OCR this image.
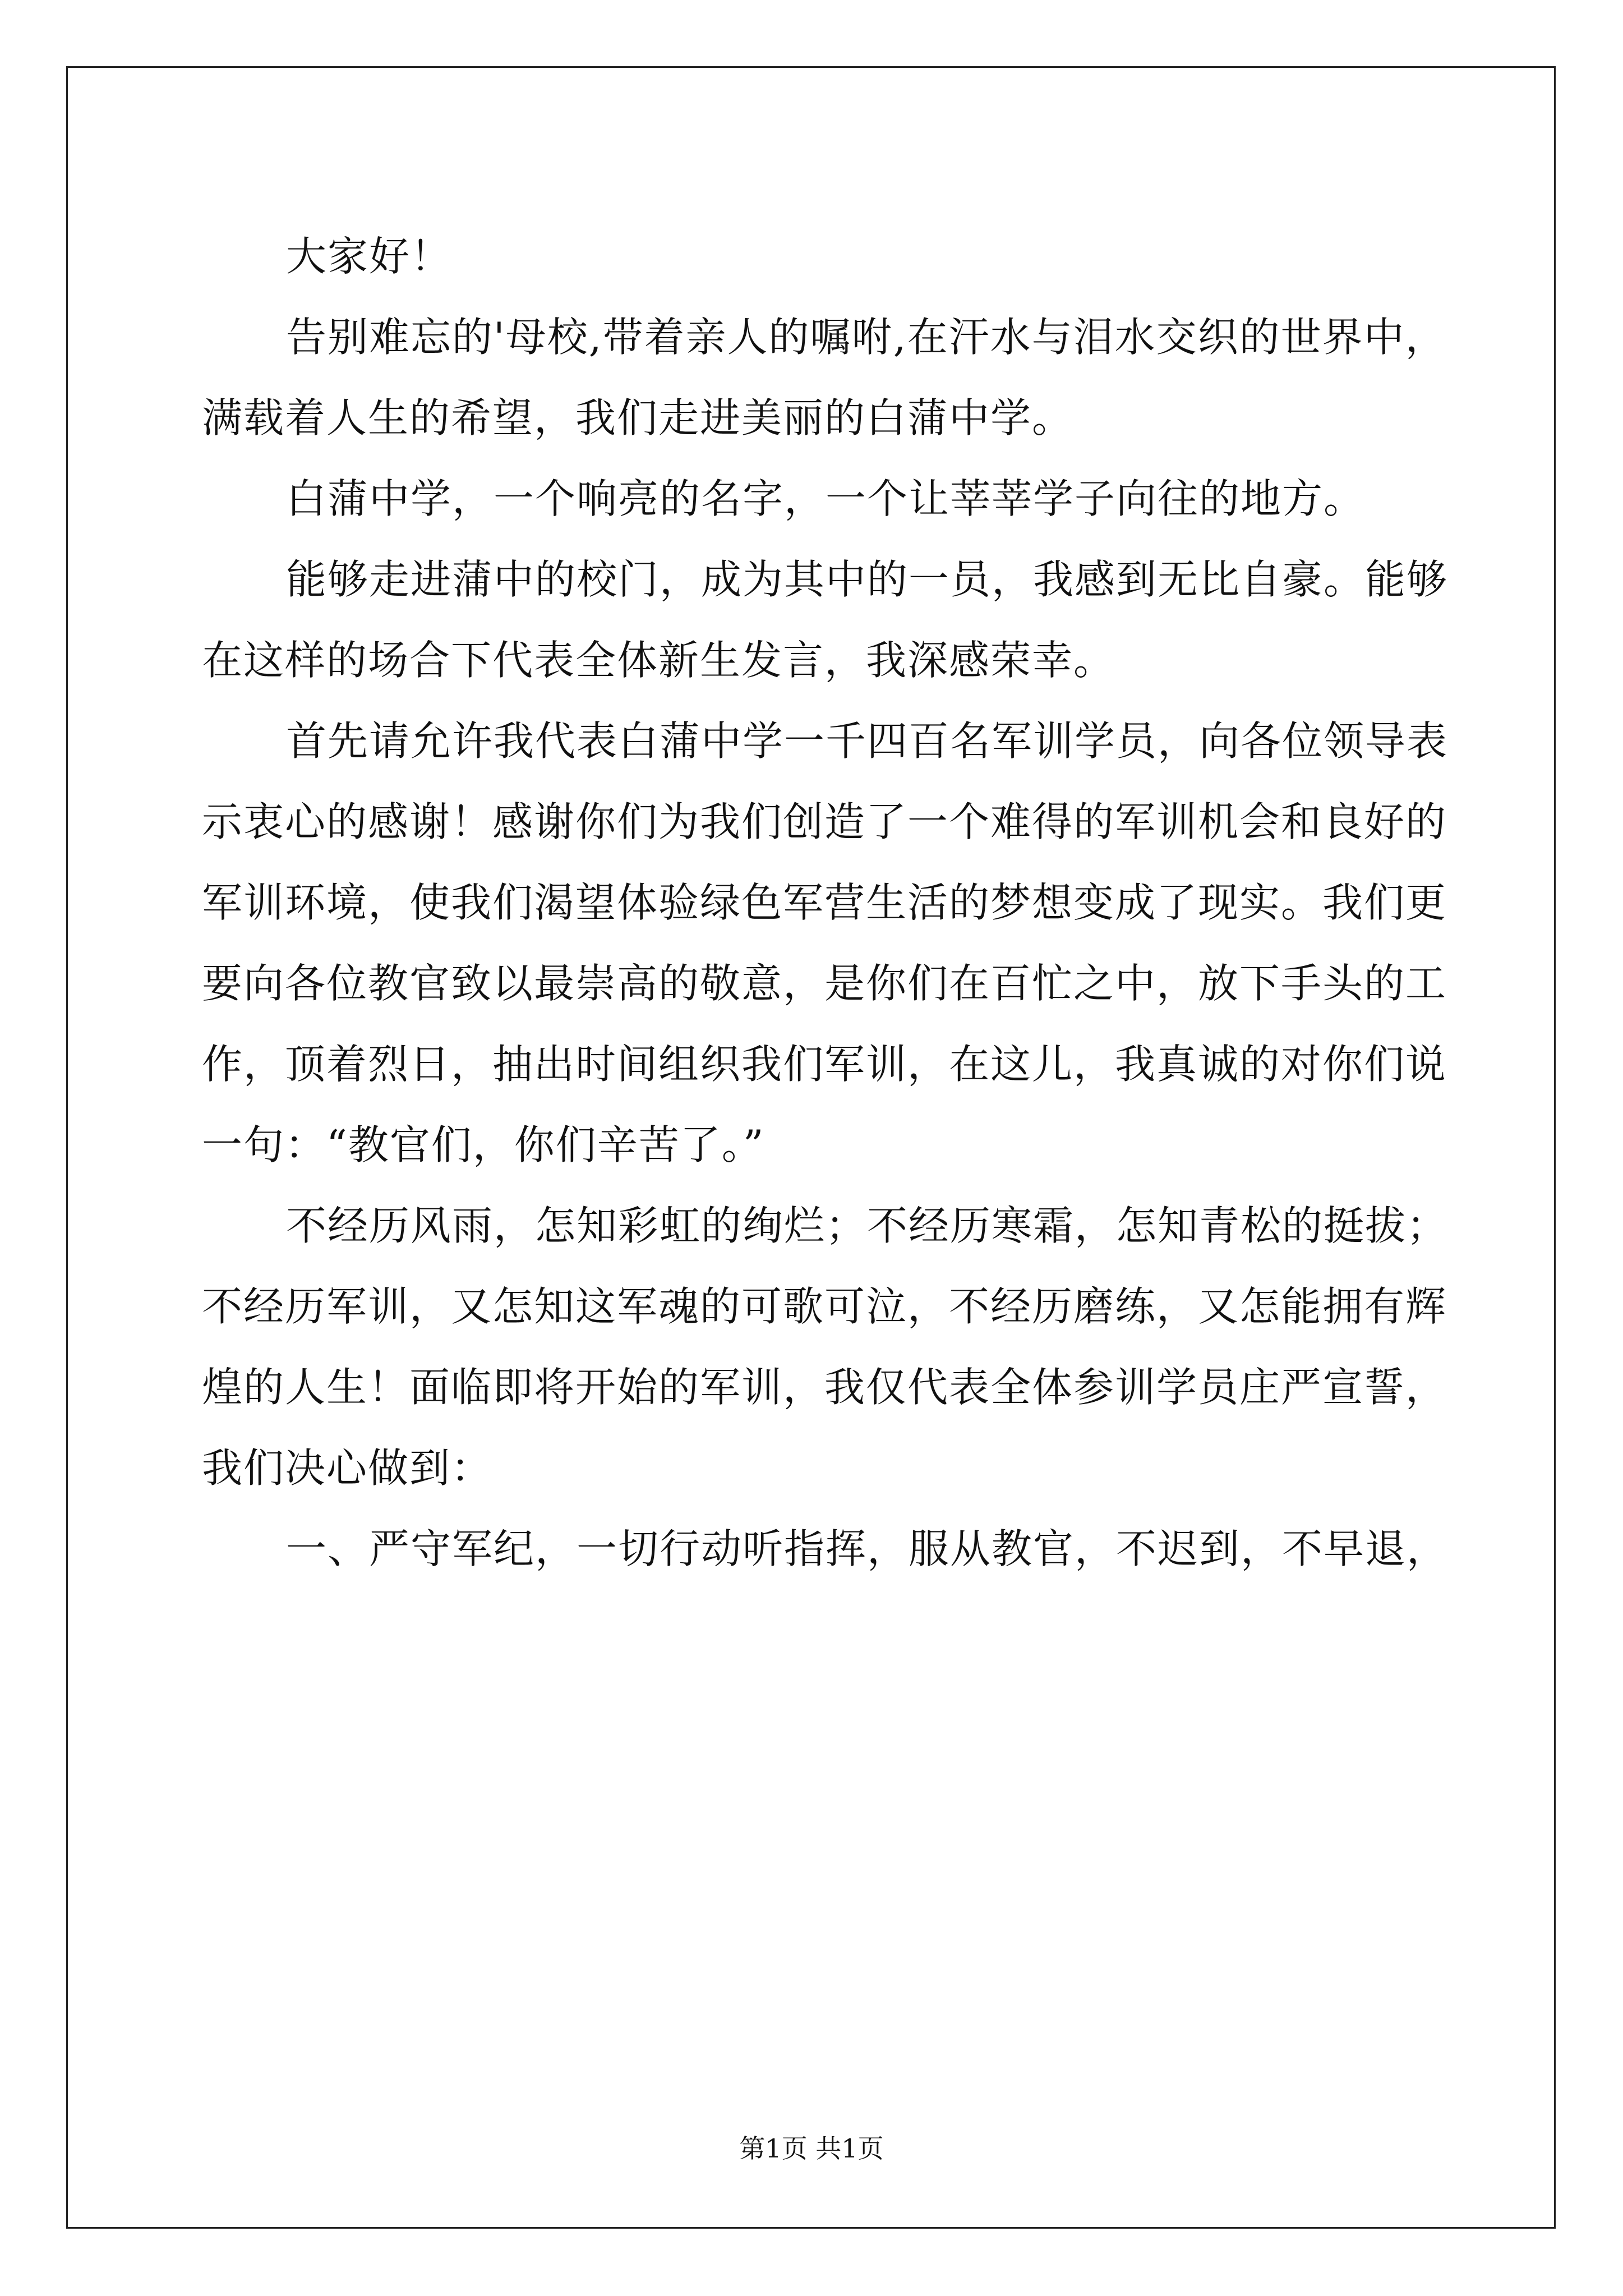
大家好！

告别难忘的'母校,带着亲人的嘱咐,在汗水与泪水交织的世界中，
满载着人生的希望，我们走进美丽的白蒲中学。

白蒲中学，一个响亮的名字，一个让莘莘学子向往的地方。

能够走进蒲中的校门，成为其中的一员，我感到无比自豪。能够
在这样的场合下代表全体新生发言，我深感荣幸。

首先请允许我代表白蒲中学一千四百名军训学员，向各位领导表
示衷心的感谢！感谢你们为我们创造了一个难得的军训机会和良好的
军训环境，使我们渴望体验绿色军营生活的梦想变成了现实。我们更
要向各位教官致以最崇高的敬意，是你们在百忙之中，放下手头的工
作，顶着烈日，抽出时间组织我们军训，在这儿，我真诚的对你们说
一句：“教官们，你们辛苦了。”

不经历风雨，怎知彩虹的绚烂；不经历寒霜，怎知青松的挺拔；
不经历军训，又怎知这军魂的可歌可泣，不经历磨练，又怎能拥有辉
煌的人生！面临即将开始的军训，我仅代表全体参训学员庄严宣誓，
我们决心做到：

一、严守军纪，一切行动听指挥，服从教官，不迟到，不早退，

第1页 共1页
